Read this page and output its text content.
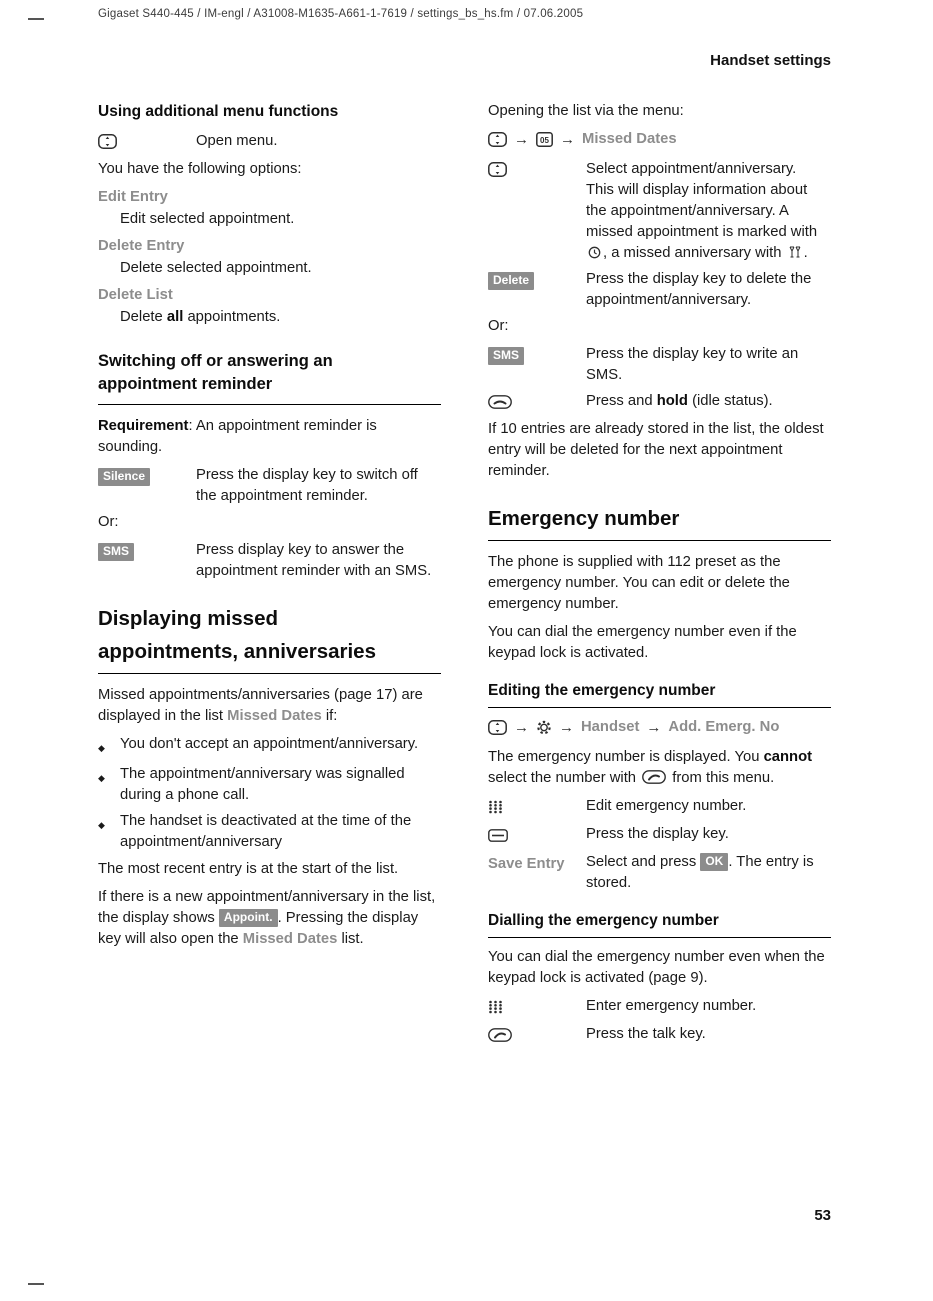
Gigaset S440-445 / IM-engl / A31008-M1635-A661-1-7619 / settings_bs_hs.fm / 07.06.2005
Handset settings
Using additional menu functions
Open menu.

You have the following options:

Edit Entry
Edit selected appointment.
Delete Entry
Delete selected appointment.
Delete List
Delete all appointments.
Switching off or answering an
appointment reminder

Requirement: An appointment reminder is sounding.

Silence	Press the display key to switch off the appointment reminder.

Or:

SMS	Press display key to answer the appointment reminder with an SMS.
Displaying missed
appointments, anniversaries

Missed appointments/anniversaries (page 17) are displayed in the list Missed Dates if:

◆	You don't accept an appointment/anniversary.
◆	The appointment/anniversary was signalled during a phone call.
◆	The handset is deactivated at the time of the appointment/anniversary

The most recent entry is at the start of the list.

If there is a new appointment/anniversary in the list, the display shows Appoint. . Pressing the display key will also open the Missed Dates list.

Opening the list via the menu:

→ 05 → Missed Dates
Select appointment/anniversary.
This will display information about the appointment/anniversary. A missed appointment is marked with , a missed anniversary with .
Delete	Press the display key to delete the appointment/anniversary.

Or:

SMS	Press the display key to write an SMS.
Press and hold (idle status).

If 10 entries are already stored in the list, the oldest entry will be deleted for the next appointment reminder.

Emergency number

The phone is supplied with 112 preset as the emergency number. You can edit or delete the emergency number.

You can dial the emergency number even if the keypad lock is activated.

Editing the emergency number
→ → Handset → Add. Emerg. No

The emergency number is displayed. You cannot select the number with  from this menu.

Edit emergency number.
Press the display key.
Save Entry	Select and press OK . The entry is stored.
Dialling the emergency number

You can dial the emergency number even when the keypad lock is activated (page 9).

Enter emergency number.
Press the talk key.
53
